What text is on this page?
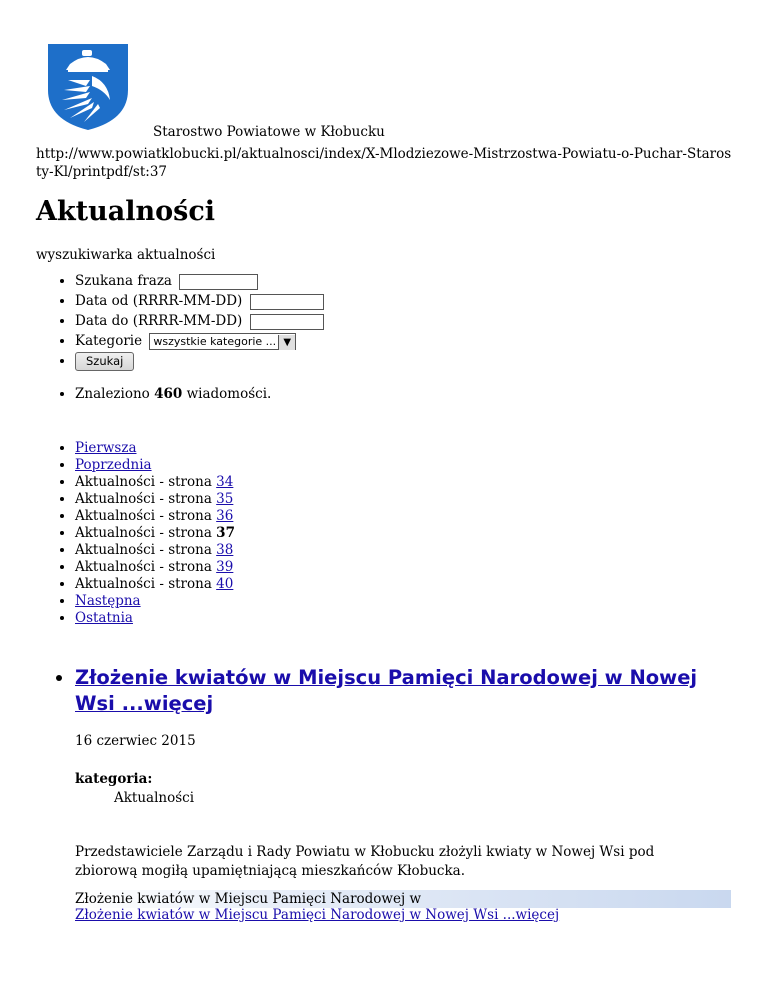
Starostwo Powiatowe w Kłobucku
http://www.powiatklobucki.pl/aktualnosci/index/X-Mlodziezowe-Mistrzostwa-Powiatu-o-Puchar-Starosty-Kl/printpdf/st:37
Aktualności
wyszukiwarka aktualności
• Szukana fraza
• Data od (RRRR-MM-DD)
• Data do (RRRR-MM-DD)
• Kategorie wszystkie kategorie ... ▼
• Szukaj
• Znaleziono 460 wiadomości.
• Pierwsza
• Poprzednia
• Aktualności - strona 34
• Aktualności - strona 35
• Aktualności - strona 36
• Aktualności - strona 37
• Aktualności - strona 38
• Aktualności - strona 39
• Aktualności - strona 40
• Następna
• Ostatnia
• Złożenie kwiatów w Miejscu Pamięci Narodowej w Nowej Wsi ...więcej
16 czerwiec 2015
kategoria:
Aktualności
Przedstawiciele Zarządu i Rady Powiatu w Kłobucku złożyli kwiaty w Nowej Wsi pod zbiorową mogiłą upamiętniającą mieszkańców Kłobucka.
Złożenie kwiatów w Miejscu Pamięci Narodowej w
Złożenie kwiatów w Miejscu Pamięci Narodowej w Nowej Wsi ...więcej
